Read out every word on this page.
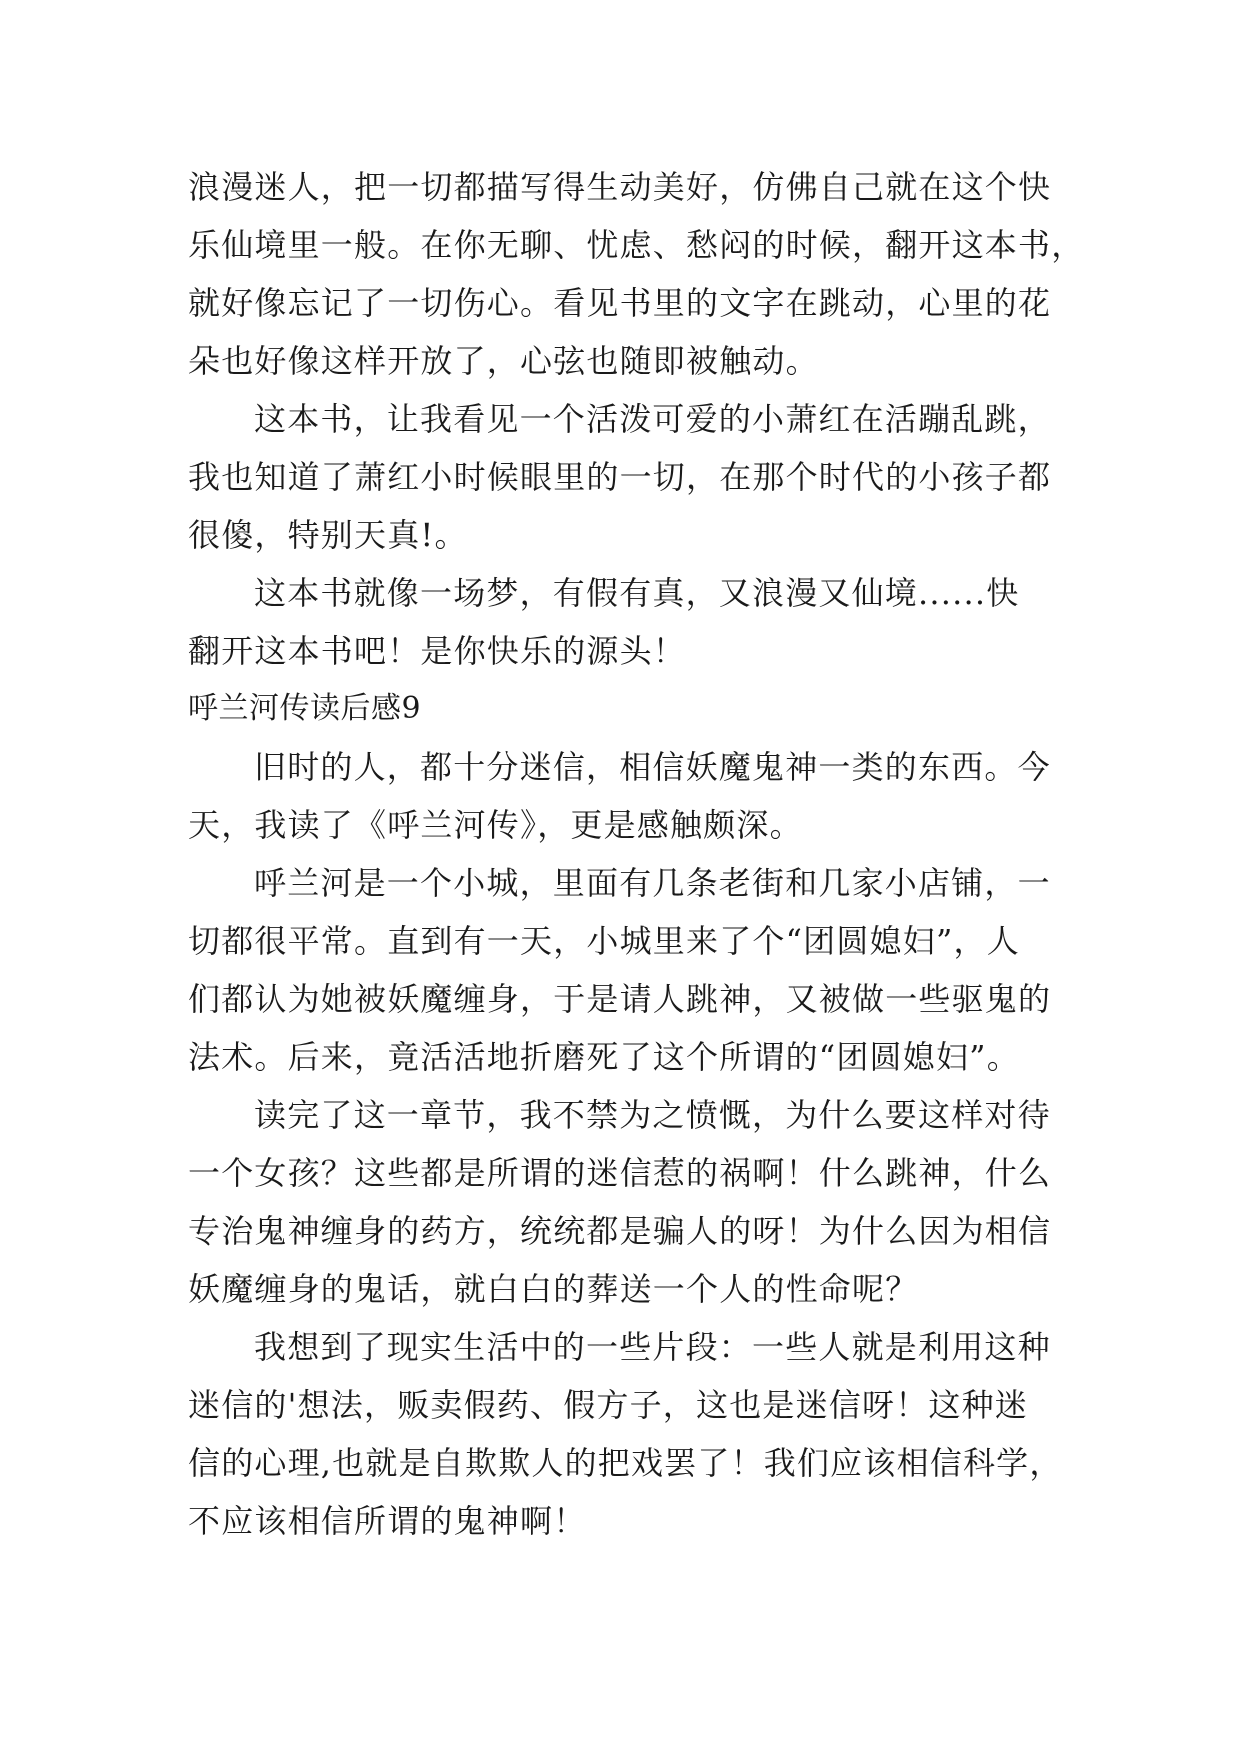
浪漫迷人，把一切都描写得生动美好，仿佛自己就在这个快
乐仙境里一般。在你无聊、忧虑、愁闷的时候，翻开这本书，
就好像忘记了一切伤心。看见书里的文字在跳动，心里的花
朵也好像这样开放了，心弦也随即被触动。
这本书，让我看见一个活泼可爱的小萧红在活蹦乱跳，
我也知道了萧红小时候眼里的一切，在那个时代的小孩子都
很傻，特别天真!。
这本书就像一场梦，有假有真，又浪漫又仙境......快
翻开这本书吧！是你快乐的源头！
呼兰河传读后感9
旧时的人，都十分迷信，相信妖魔鬼神一类的东西。今
天，我读了《呼兰河传》，更是感触颇深。
呼兰河是一个小城，里面有几条老街和几家小店铺，一
切都很平常。直到有一天，小城里来了个“团圆媳妇”，人
们都认为她被妖魔缠身，于是请人跳神，又被做一些驱鬼的
法术。后来，竟活活地折磨死了这个所谓的“团圆媳妇”。
读完了这一章节，我不禁为之愤慨，为什么要这样对待
一个女孩？这些都是所谓的迷信惹的祸啊！什么跳神，什么
专治鬼神缠身的药方，统统都是骗人的呀！为什么因为相信
妖魔缠身的鬼话，就白白的葬送一个人的性命呢？
我想到了现实生活中的一些片段：一些人就是利用这种
迷信的'想法，贩卖假药、假方子，这也是迷信呀！这种迷
信的心理,也就是自欺欺人的把戏罢了！我们应该相信科学，
不应该相信所谓的鬼神啊！
